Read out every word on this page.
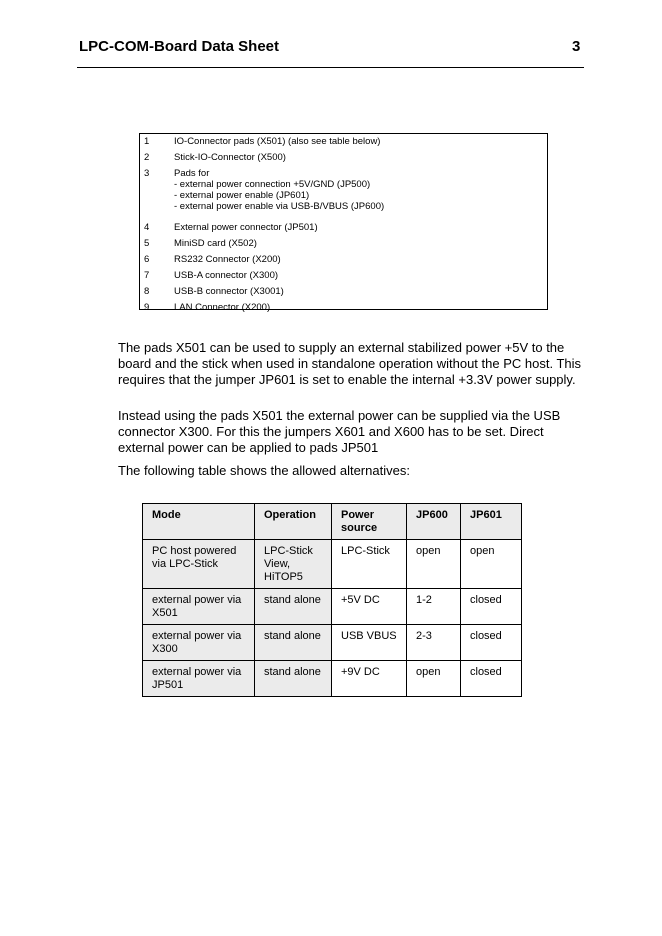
LPC-COM-Board Data Sheet	3
1	IO-Connector pads (X501) (also see table below)
2	Stick-IO-Connector (X500)
3	Pads for
- external power connection +5V/GND (JP500)
- external power enable (JP601)
- external power enable via USB-B/VBUS (JP600)
4	External power connector (JP501)
5	MiniSD card (X502)
6	RS232 Connector (X200)
7	USB-A connector (X300)
8	USB-B connector (X3001)
9	LAN Connector (X200)

The pads X501 can be used to supply an external stabilized power +5V to the board and the stick when used in standalone operation without the PC host. This requires that the jumper JP601 is set to enable the internal +3.3V power supply.

Instead using the pads X501 the external power can be supplied via the USB connector X300. For this the jumpers X601 and X600 has to be set. Direct external power can be applied to pads JP501

The following table shows the allowed alternatives:

Mode	Operation	Power source	JP600	JP601
PC host powered via LPC-Stick	LPC-Stick View, HiTOP5	LPC-Stick	open	open
external power via X501	stand alone	+5V DC	1-2	closed
external power via X300	stand alone	USB VBUS	2-3	closed
external power via JP501	stand alone	+9V DC	open	closed
